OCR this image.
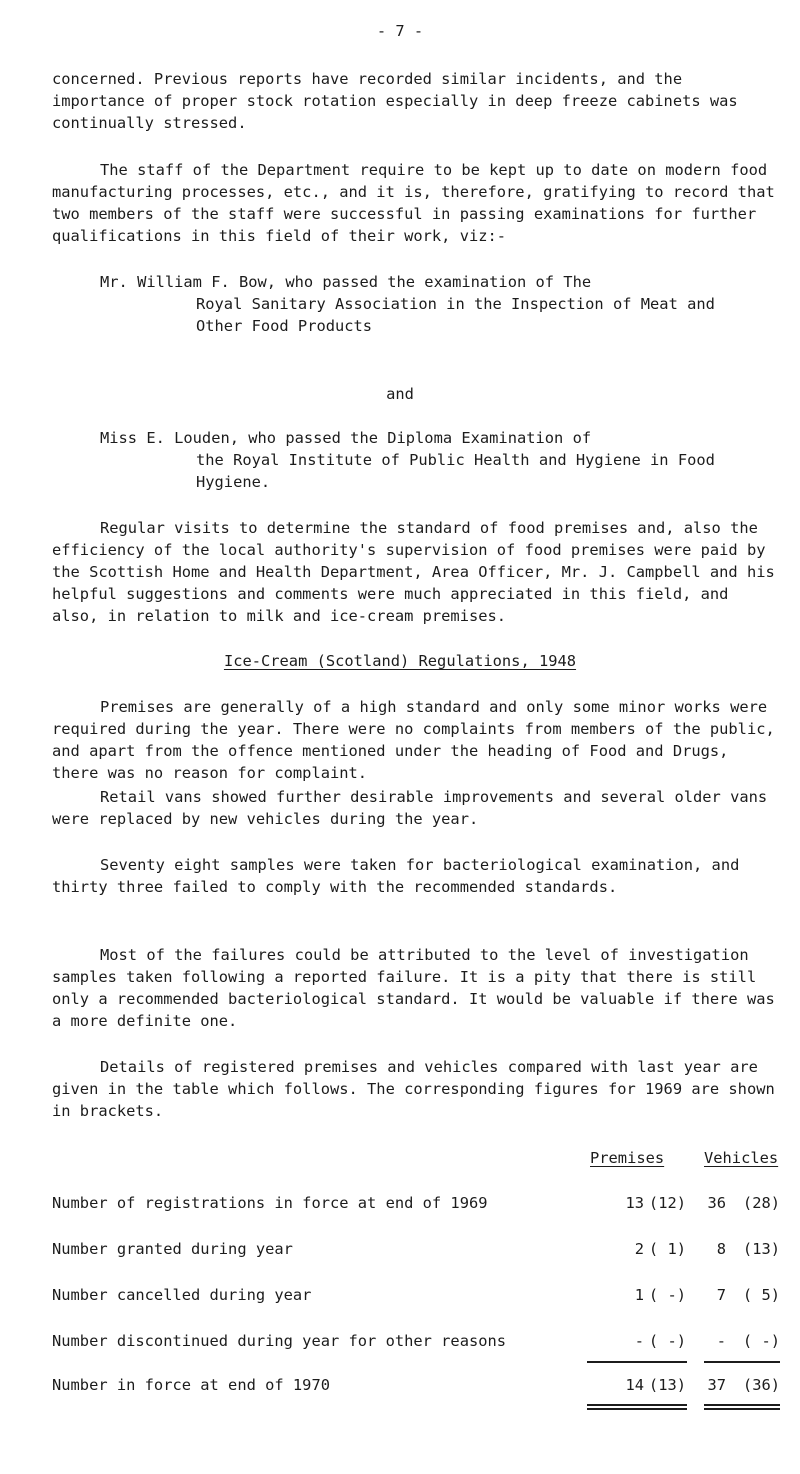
- 7 -

concerned. Previous reports have recorded similar incidents, and the importance of proper stock rotation especially in deep freeze cabinets was continually stressed.

The staff of the Department require to be kept up to date on modern food manufacturing processes, etc., and it is, therefore, gratifying to record that two members of the staff were successful in passing examinations for further qualifications in this field of their work, viz:-

Mr. William F. Bow, who passed the examination of The
Royal Sanitary Association in the Inspection of Meat and Other Food Products

and

Miss E. Louden, who passed the Diploma Examination of
the Royal Institute of Public Health and Hygiene in Food Hygiene.

Regular visits to determine the standard of food premises and, also the efficiency of the local authority's supervision of food premises were paid by the Scottish Home and Health Department, Area Officer, Mr. J. Campbell and his helpful suggestions and comments were much appreciated in this field, and also, in relation to milk and ice-cream premises.

Ice-Cream (Scotland) Regulations, 1948

Premises are generally of a high standard and only some minor works were required during the year. There were no complaints from members of the public, and apart from the offence mentioned under the heading of Food and Drugs, there was no reason for complaint.

Retail vans showed further desirable improvements and several older vans were replaced by new vehicles during the year.

Seventy eight samples were taken for bacteriological examination, and thirty three failed to comply with the recommended standards.

Most of the failures could be attributed to the level of investigation samples taken following a reported failure. It is a pity that there is still only a recommended bacteriological standard. It would be valuable if there was a more definite one.

Details of registered premises and vehicles compared with last year are given in the table which follows. The corresponding figures for 1969 are shown in brackets.

Premises	Vehicles
Number of registrations in force at end of 1969	13 (12)	36	(28)
Number granted during year	2 ( 1)	8	(13)
Number cancelled during year	1 ( -)	7	( 5)
Number discontinued during year for other reasons	- ( -)	-	( -)
Number in force at end of 1970	14 (13)	37	(36)
